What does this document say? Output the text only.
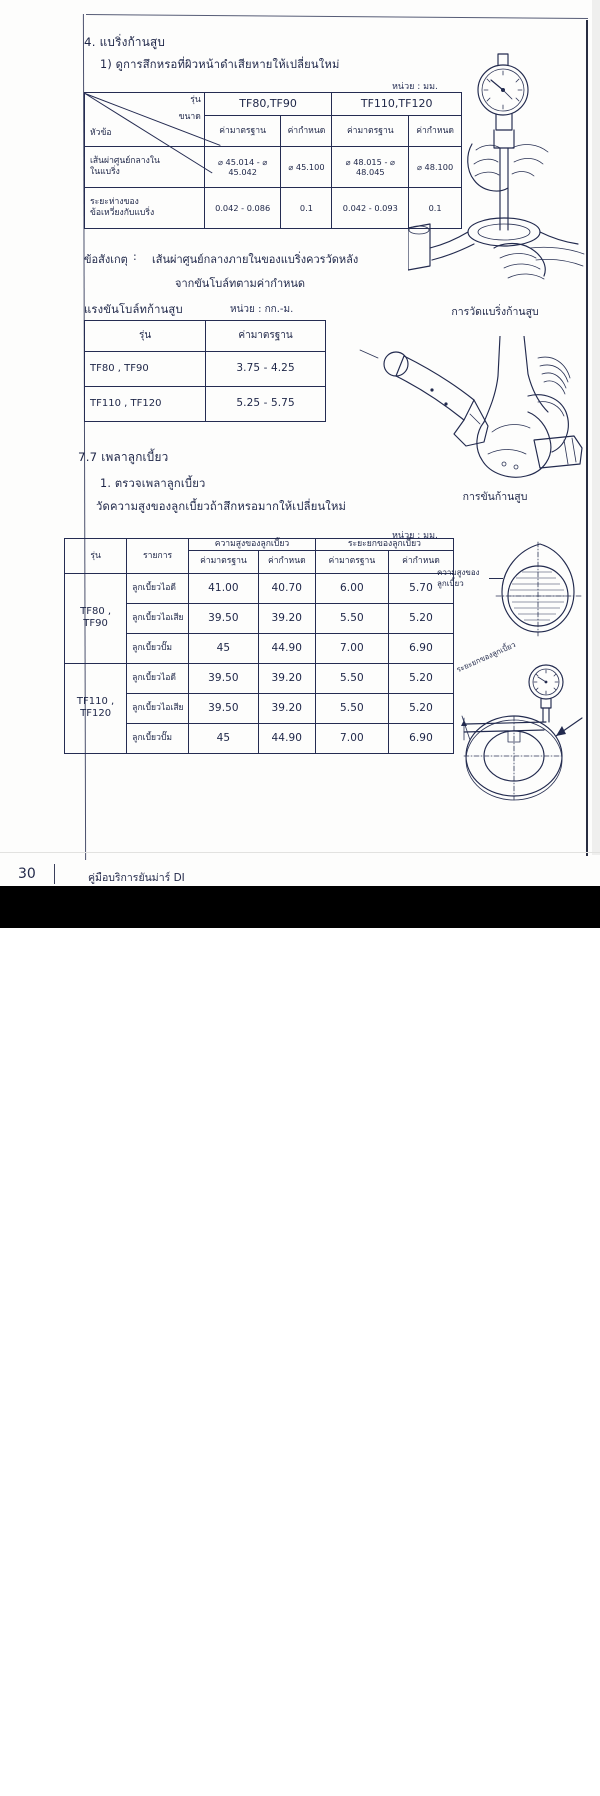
4. แบริ่งก้านสูบ
1) ดูการสึกหรอที่ผิวหน้าดำเสียหายให้เปลี่ยนใหม่
หน่วย : มม.
รุ่น
ขนาด
หัวข้อ	TF80,TF90		TF110,TF120	
	ค่ามาตรฐาน	ค่ากำหนด	ค่ามาตรฐาน	ค่ากำหนด

เส้นผ่าศูนย์กลางใน
ในแบริ่ง	⌀ 45.014 - ⌀ 45.042	⌀ 45.100	⌀ 48.015 - ⌀ 48.045	⌀ 48.100

ระยะห่างของ
ข้อเหวี่ยงกับแบริ่ง	0.042 - 0.086	0.1	0.042 - 0.093	0.1
ข้อสังเกตุ : เส้นผ่าศูนย์กลางภายในของแบริ่งควรวัดหลัง
จากขันโบล์ทตามค่ากำหนด
แรงขันโบล์ทก้านสูบ	หน่วย : กก.-ม.
รุ่น	ค่ามาตรฐาน
TF80 , TF90	3.75 - 4.25
TF110 , TF120	5.25 - 5.75
7.7 เพลาลูกเบี้ยว
1. ตรวจเพลาลูกเบี้ยว
วัดความสูงของลูกเบี้ยวถ้าสึกหรอมากให้เปลี่ยนใหม่
หน่วย : มม.
รุ่น	รายการ	ความสูงของลูกเบี้ยว		ระยะยกของลูกเบี้ยว	
		ค่ามาตรฐาน	ค่ากำหนด	ค่ามาตรฐาน	ค่ากำหนด
TF80 , TF90	ลูกเบี้ยวไอดี	41.00	40.70	6.00	5.70
	ลูกเบี้ยวไอเสีย	39.50	39.20	5.50	5.20
	ลูกเบี้ยวปั๊ม	45	44.90	7.00	6.90
TF110 , TF120	ลูกเบี้ยวไอดี	39.50	39.20	5.50	5.20
	ลูกเบี้ยวไอเสีย	39.50	39.20	5.50	5.20
	ลูกเบี้ยวปั๊ม	45	44.90	7.00	6.90
การวัดแบริ่งก้านสูบ
การขันก้านสูบ
ความสูงของ
ลูกเบี้ยว
ระยะยกของลูกเบี้ยว
30	คู่มือบริการยันม่าร์ DI
[1087x1654] https://uplc.me/
